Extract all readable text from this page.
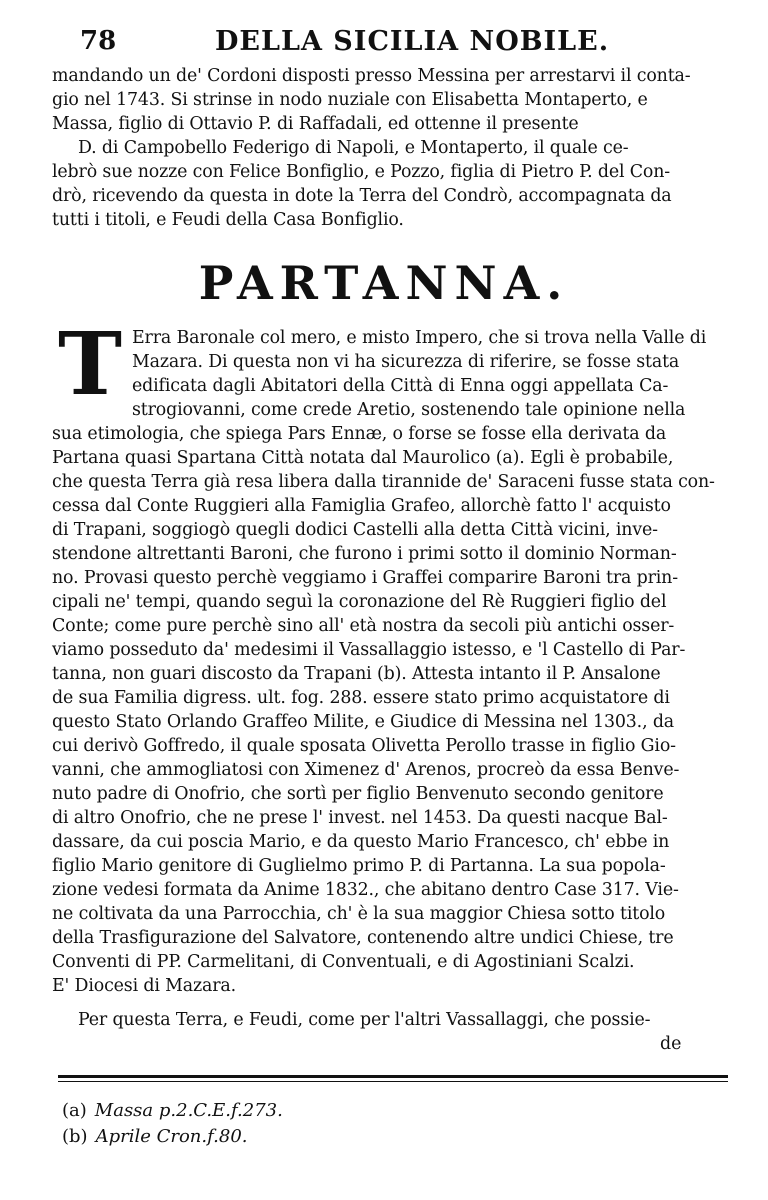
78	DELLA SICILIA NOBILE.
mandando un de' Cordoni disposti presso Messina per arrestarvi il conta-
gio nel 1743. Si strinse in nodo nuziale con Elisabetta Montaperto, e
Massa, figlio di Ottavio P. di Raffadali, ed ottenne il presente
D. di Campobello Federigo di Napoli, e Montaperto, il quale ce-
lebrò sue nozze con Felice Bonfiglio, e Pozzo, figlia di Pietro P. del Con-
drò, ricevendo da questa in dote la Terra del Condrò, accompagnata da
tutti i titoli, e Feudi della Casa Bonfiglio.
PARTANNA.
T Erra Baronale col mero, e misto Impero, che si trova nella Valle di
Mazara. Di questa non vi ha sicurezza di riferire, se fosse stata
edificata dagli Abitatori della Città di Enna oggi appellata Ca-
strogiovanni, come crede Aretio, sostenendo tale opinione nella
sua etimologia, che spiega Pars Ennæ, o forse se fosse ella derivata da
Partana quasi Spartana Città notata dal Maurolico (a). Egli è probabile,
che questa Terra già resa libera dalla tirannide de' Saraceni fusse stata con-
cessa dal Conte Ruggieri alla Famiglia Grafeo, allorchè fatto l' acquisto
di Trapani, soggiogò quegli dodici Castelli alla detta Città vicini, inve-
stendone altrettanti Baroni, che furono i primi sotto il dominio Norman-
no. Provasi questo perchè veggiamo i Graffei comparire Baroni tra prin-
cipali ne' tempi, quando seguì la coronazione del Rè Ruggieri figlio del
Conte; come pure perchè sino all' età nostra da secoli più antichi osser-
viamo posseduto da' medesimi il Vassallaggio istesso, e 'l Castello di Par-
tanna, non guari discosto da Trapani (b). Attesta intanto il P. Ansalone
de sua Familia digress. ult. fog. 288. essere stato primo acquistatore di
questo Stato Orlando Graffeo Milite, e Giudice di Messina nel 1303., da
cui derivò Goffredo, il quale sposata Olivetta Perollo trasse in figlio Gio-
vanni, che ammogliatosi con Ximenez d' Arenos, procreò da essa Benve-
nuto padre di Onofrio, che sortì per figlio Benvenuto secondo genitore
di altro Onofrio, che ne prese l' invest. nel 1453. Da questi nacque Bal-
dassare, da cui poscia Mario, e da questo Mario Francesco, ch' ebbe in
figlio Mario genitore di Guglielmo primo P. di Partanna. La sua popola-
zione vedesi formata da Anime 1832., che abitano dentro Case 317. Vie-
ne coltivata da una Parrocchia, ch' è la sua maggior Chiesa sotto titolo
della Trasfigurazione del Salvatore, contenendo altre undici Chiese, tre
Conventi di PP. Carmelitani, di Conventuali, e di Agostiniani Scalzi.
E' Diocesi di Mazara.
Per questa Terra, e Feudi, come per l'altri Vassallaggi, che possie-
de
(a) Massa p.2.C.E.f.273.
(b) Aprile Cron.f.80.
